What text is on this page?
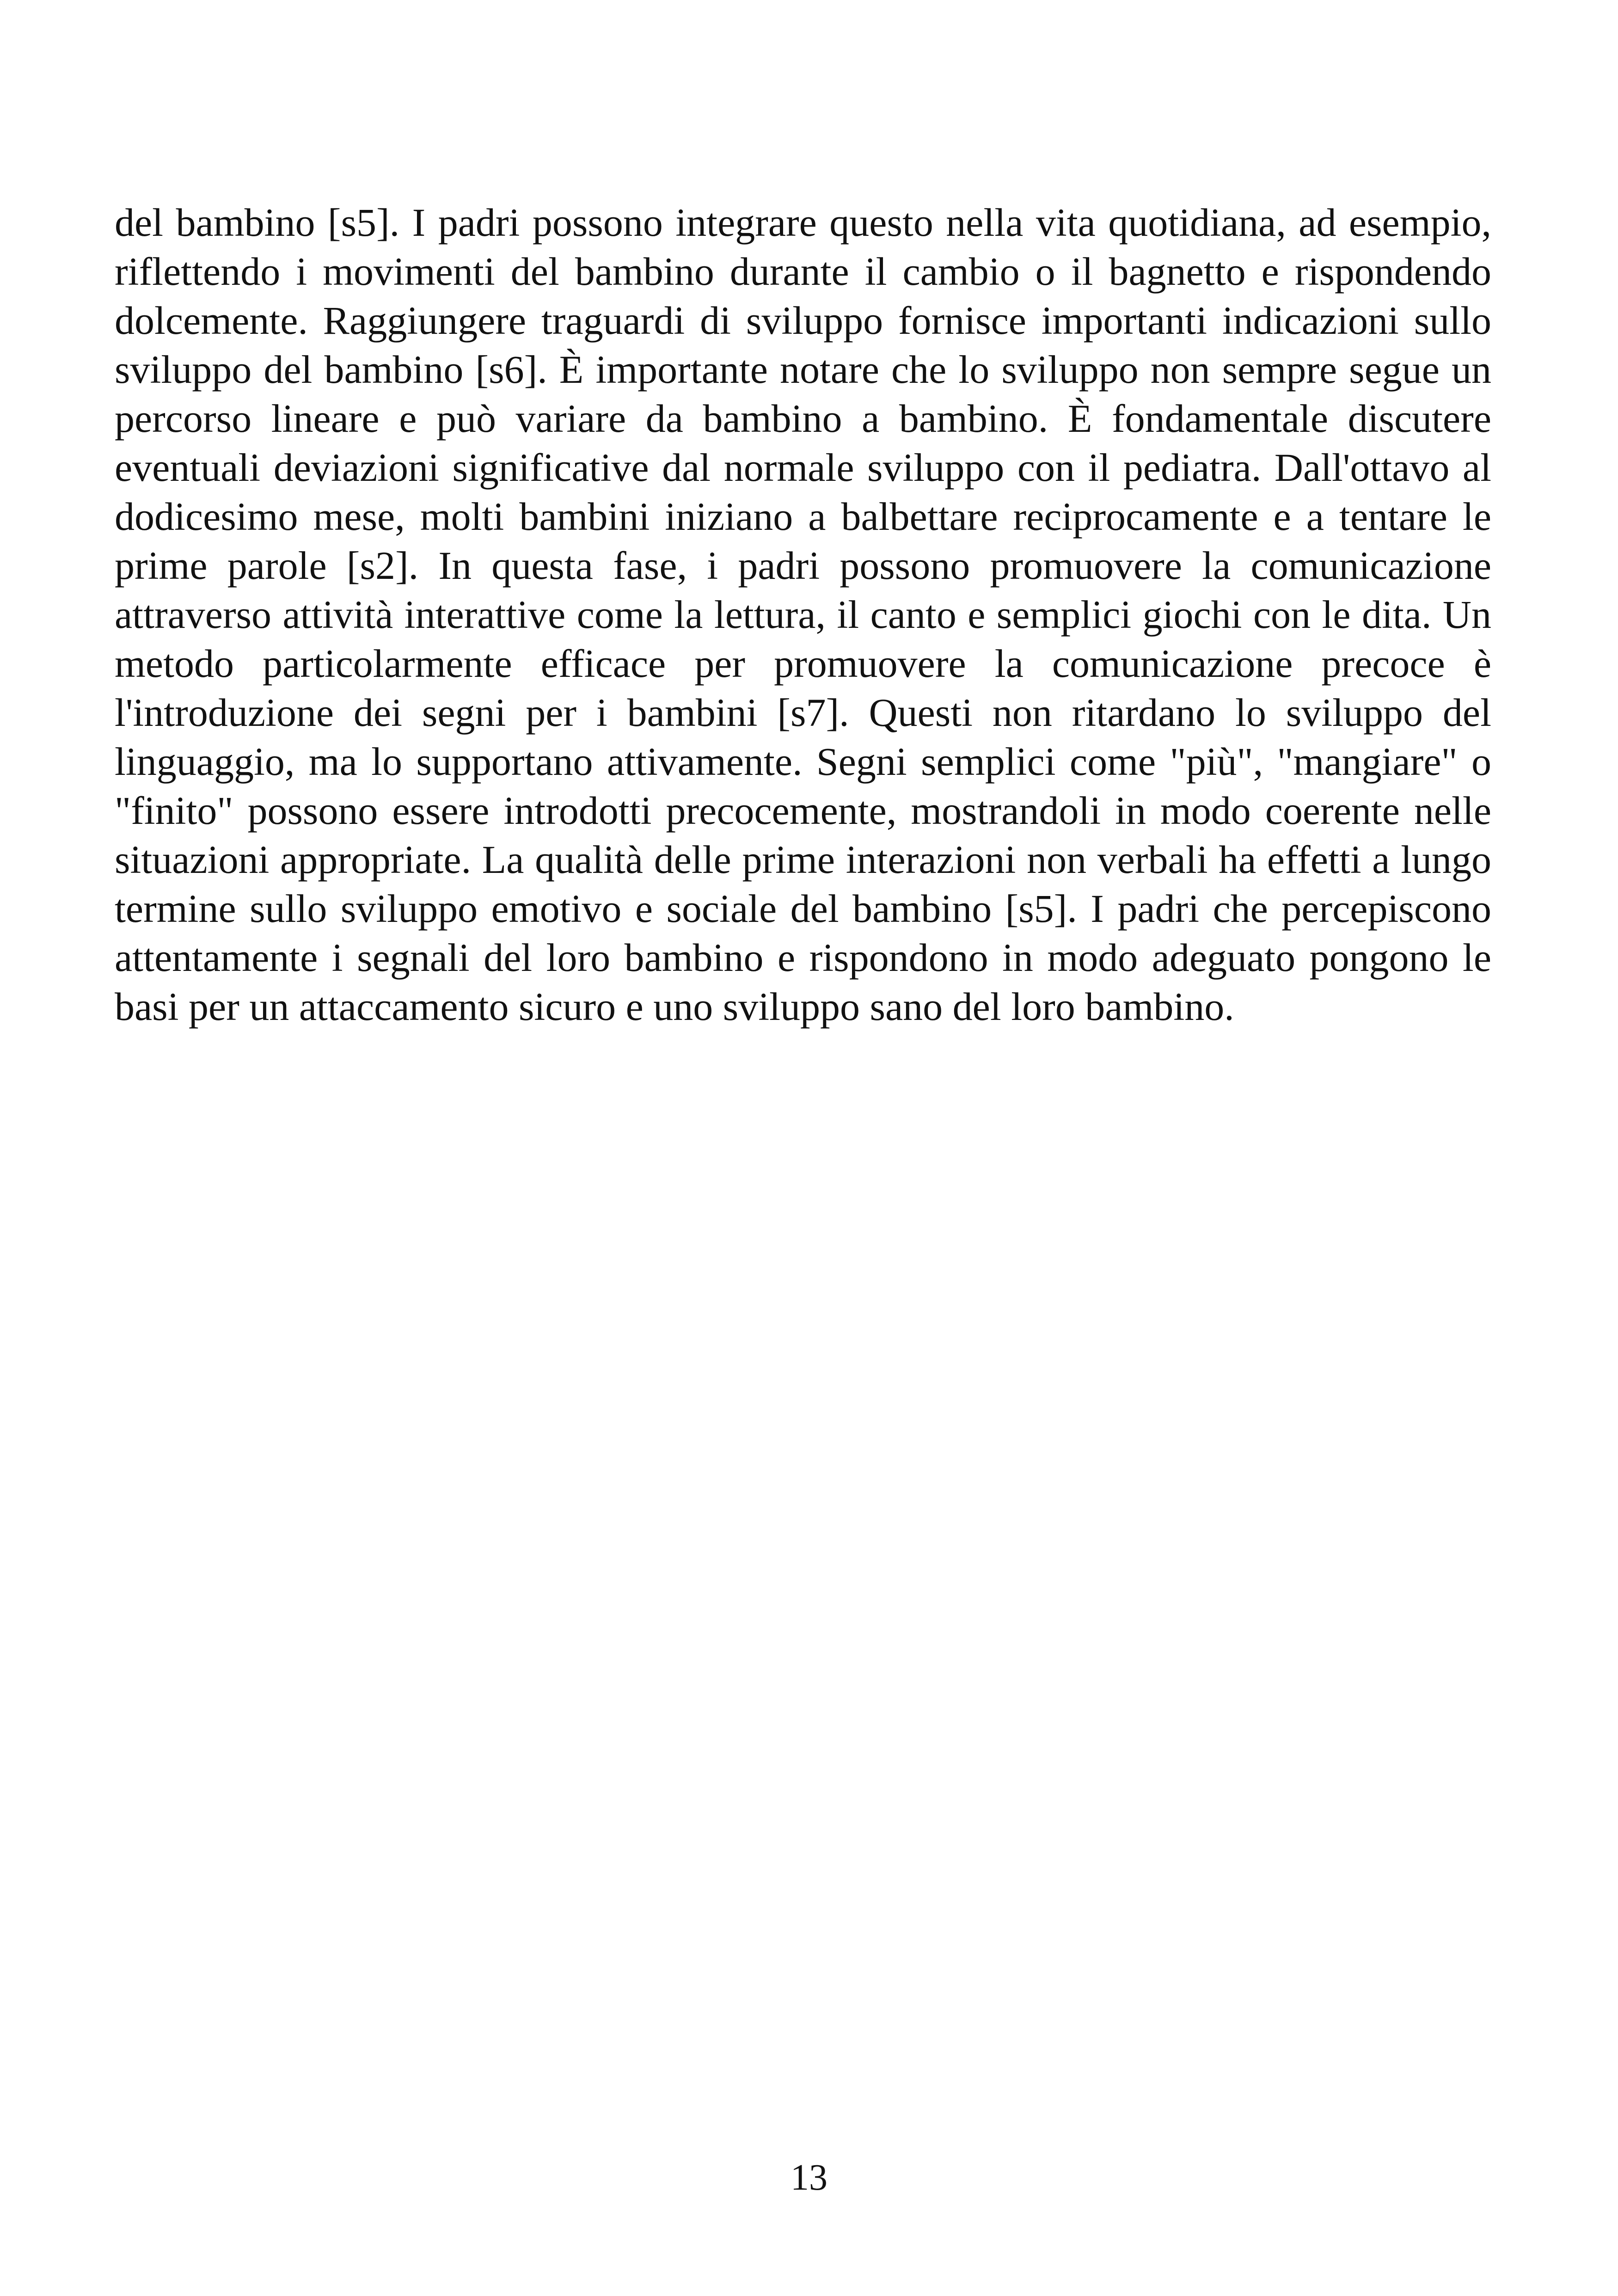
del bambino [s5]. I padri possono integrare questo nella vita quotidiana, ad esempio, riflettendo i movimenti del bambino durante il cambio o il bagnetto e rispondendo dolcemente. Raggiungere traguardi di sviluppo fornisce importanti indicazioni sullo sviluppo del bambino [s6]. È importante notare che lo sviluppo non sempre segue un percorso lineare e può variare da bambino a bambino. È fondamentale discutere eventuali deviazioni significative dal normale sviluppo con il pediatra. Dall'ottavo al dodicesimo mese, molti bambini iniziano a balbettare reciprocamente e a tentare le prime parole [s2]. In questa fase, i padri possono promuovere la comunicazione attraverso attività interattive come la lettura, il canto e semplici giochi con le dita. Un metodo particolarmente efficace per promuovere la comunicazione precoce è l'introduzione dei segni per i bambini [s7]. Questi non ritardano lo sviluppo del linguaggio, ma lo supportano attivamente. Segni semplici come "più", "mangiare" o "finito" possono essere introdotti precocemente, mostrandoli in modo coerente nelle situazioni appropriate. La qualità delle prime interazioni non verbali ha effetti a lungo termine sullo sviluppo emotivo e sociale del bambino [s5]. I padri che percepiscono attentamente i segnali del loro bambino e rispondono in modo adeguato pongono le basi per un attaccamento sicuro e uno sviluppo sano del loro bambino.

13
